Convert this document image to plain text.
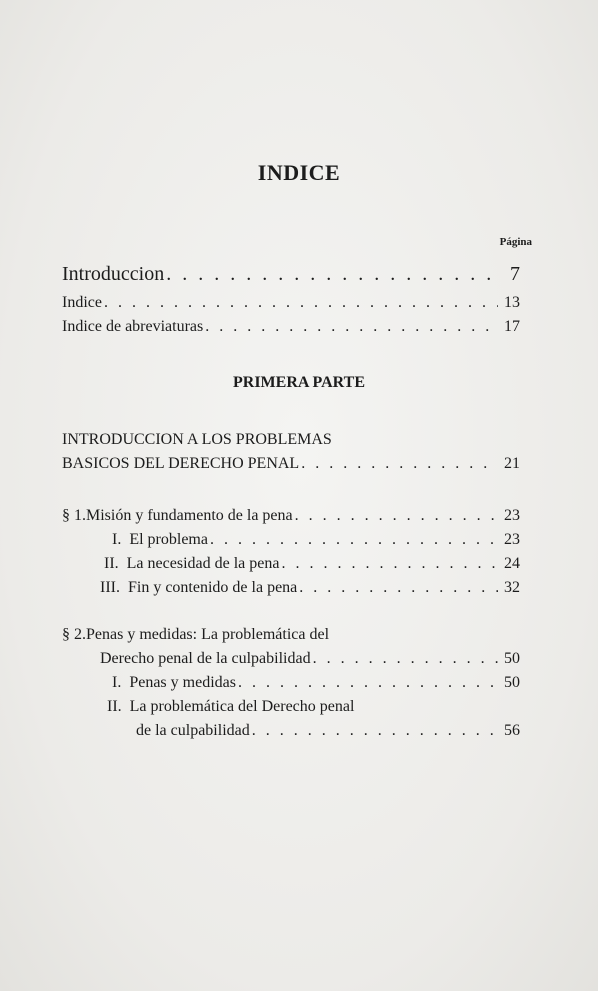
INDICE
Página
Introduccion . . .	7
Indice . . .	13
Indice de abreviaturas . . .	17
PRIMERA PARTE
INTRODUCCION A LOS PROBLEMAS
BASICOS DEL DERECHO PENAL . . .	21
§ 1.Misión y fundamento de la pena . . .	23
I.  El problema . . .	23
II.  La necesidad de la pena . . .	24
III.  Fin y contenido de la pena . . .	32
§ 2.Penas y medidas: La problemática del
Derecho penal de la culpabilidad . . .	50
I.  Penas y medidas . . .	50
II.  La problemática del Derecho penal
de la culpabilidad . . .	56
